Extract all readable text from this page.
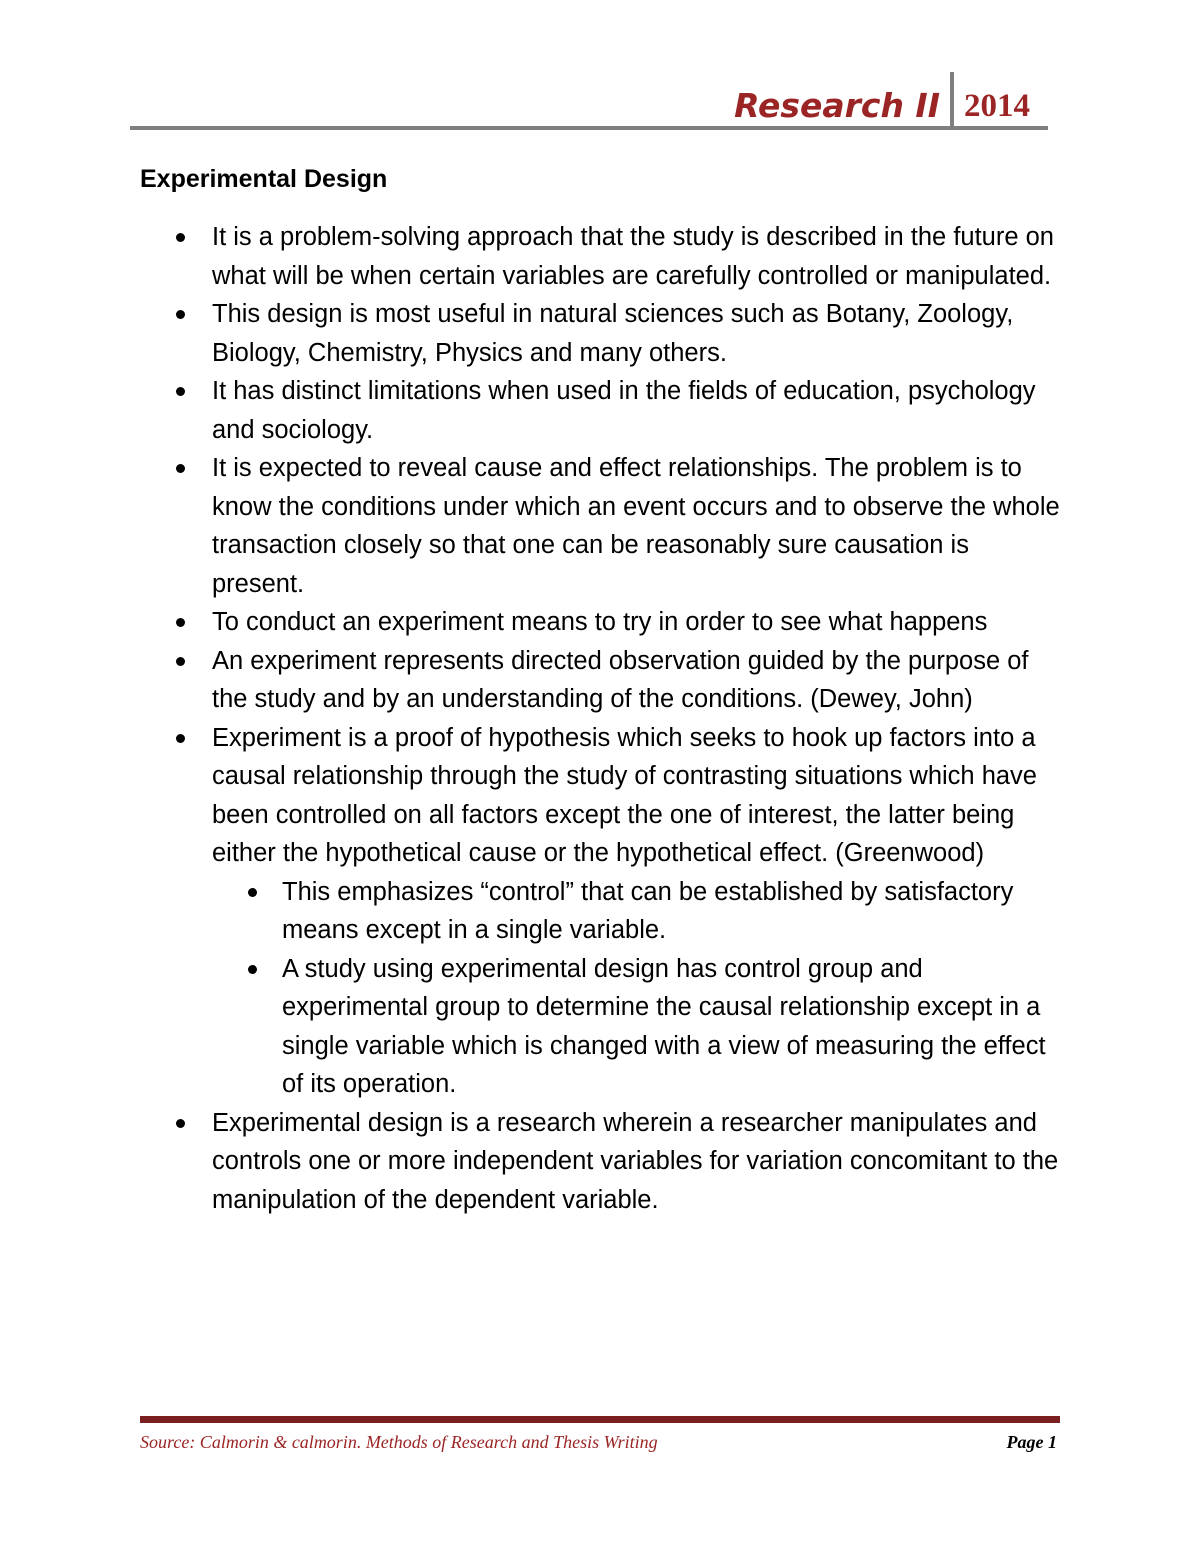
Research II 2014
Experimental Design
It is a problem-solving approach that the study is described in the future on what will be when certain variables are carefully controlled or manipulated.
This design is most useful in natural sciences such as Botany, Zoology, Biology, Chemistry, Physics and many others.
It has distinct limitations when used in the fields of education, psychology and sociology.
It is expected to reveal cause and effect relationships. The problem is to know the conditions under which an event occurs and to observe the whole transaction closely so that one can be reasonably sure causation is present.
To conduct an experiment means to try in order to see what happens
An experiment represents directed observation guided by the purpose of the study and by an understanding of the conditions. (Dewey, John)
Experiment is a proof of hypothesis which seeks to hook up factors into a causal relationship through the study of contrasting situations which have been controlled on all factors except the one of interest, the latter being either the hypothetical cause or the hypothetical effect. (Greenwood)
This emphasizes “control” that can be established by satisfactory means except in a single variable.
A study using experimental design has control group and experimental group to determine the causal relationship except in a single variable which is changed with a view of measuring the effect of its operation.
Experimental design is a research wherein a researcher manipulates and controls one or more independent variables for variation concomitant to the manipulation of the dependent variable.
Source: Calmorin & calmorin. Methods of Research and Thesis Writing	Page 1
